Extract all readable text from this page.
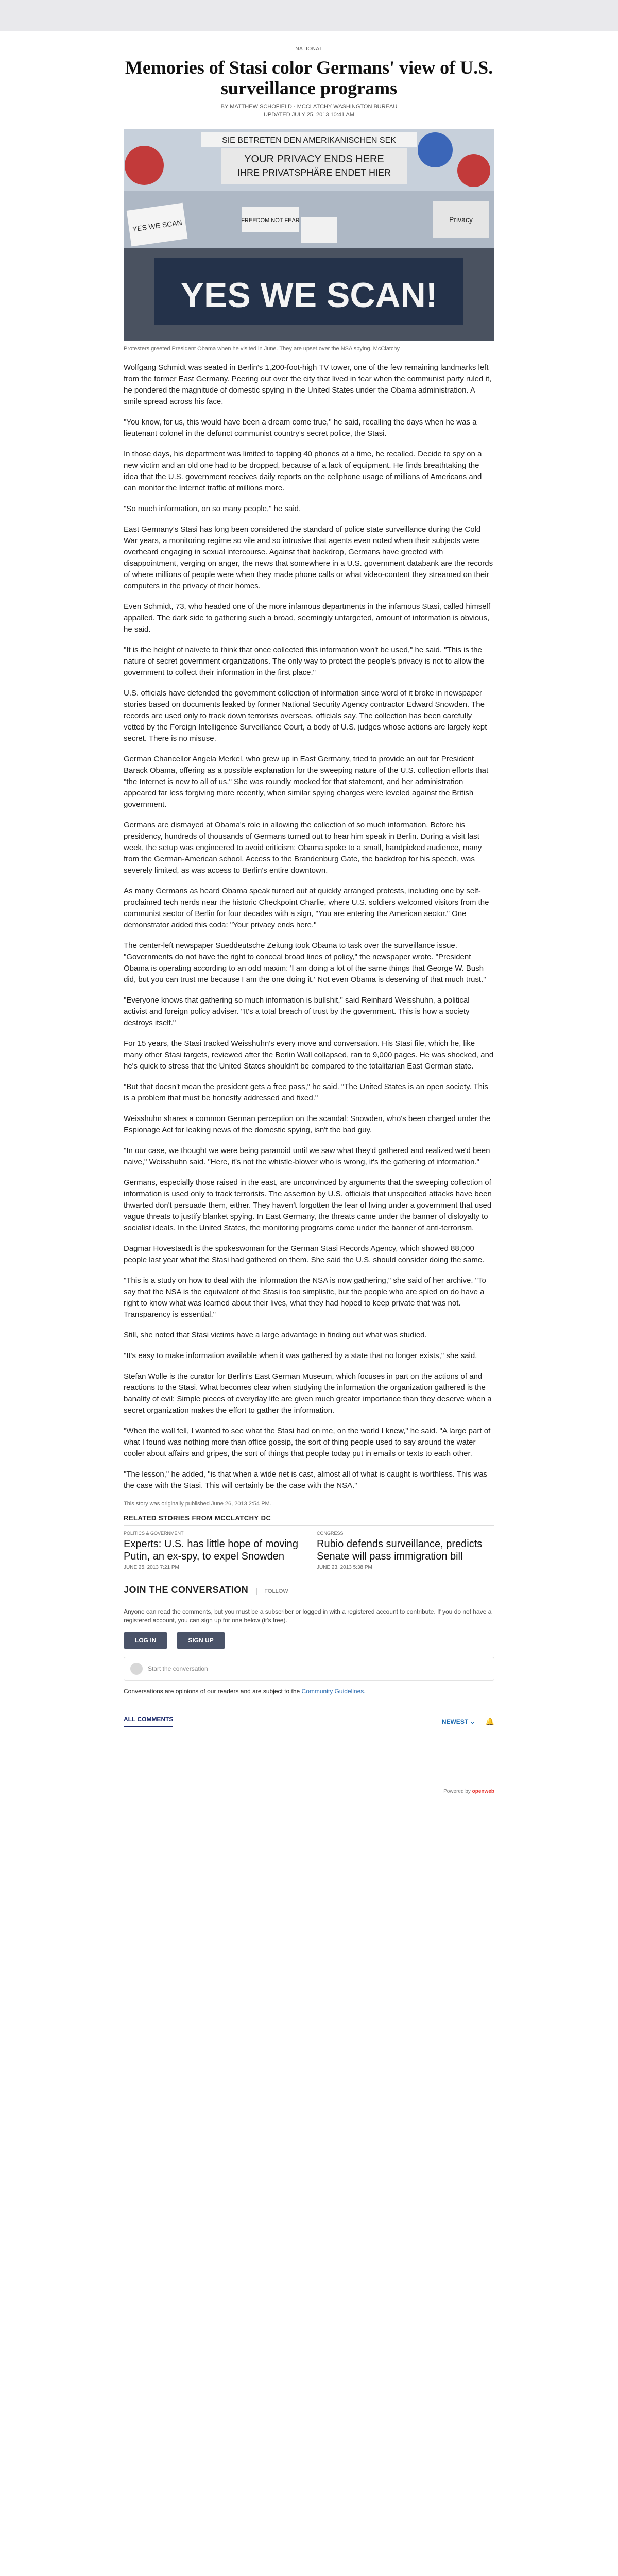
NATIONAL
Memories of Stasi color Germans' view of U.S. surveillance programs
BY MATTHEW SCHOFIELD · MCCLATCHY WASHINGTON BUREAU
UPDATED JULY 25, 2013 10:41 AM
SIE BETRETEN DEN AMERIKANISCHEN SEK
YOUR PRIVACY ENDS HERE
IHRE PRIVATSPHÄRE ENDET HIER
YES WE SCAN	FREEDOM NOT FEAR	Privacy
YES WE SCAN!
Protesters greeted President Obama when he visited in June. They are upset over the NSA spying. McClatchy

Wolfgang Schmidt was seated in Berlin's 1,200-foot-high TV tower, one of the few remaining landmarks left from the former East Germany. Peering out over the city that lived in fear when the communist party ruled it, he pondered the magnitude of domestic spying in the United States under the Obama administration. A smile spread across his face.

"You know, for us, this would have been a dream come true," he said, recalling the days when he was a lieutenant colonel in the defunct communist country's secret police, the Stasi.

In those days, his department was limited to tapping 40 phones at a time, he recalled. Decide to spy on a new victim and an old one had to be dropped, because of a lack of equipment. He finds breathtaking the idea that the U.S. government receives daily reports on the cellphone usage of millions of Americans and can monitor the Internet traffic of millions more.

"So much information, on so many people," he said.

East Germany's Stasi has long been considered the standard of police state surveillance during the Cold War years, a monitoring regime so vile and so intrusive that agents even noted when their subjects were overheard engaging in sexual intercourse. Against that backdrop, Germans have greeted with disappointment, verging on anger, the news that somewhere in a U.S. government databank are the records of where millions of people were when they made phone calls or what video-content they streamed on their computers in the privacy of their homes.

Even Schmidt, 73, who headed one of the more infamous departments in the infamous Stasi, called himself appalled. The dark side to gathering such a broad, seemingly untargeted, amount of information is obvious, he said.

"It is the height of naivete to think that once collected this information won't be used," he said. "This is the nature of secret government organizations. The only way to protect the people's privacy is not to allow the government to collect their information in the first place."

U.S. officials have defended the government collection of information since word of it broke in newspaper stories based on documents leaked by former National Security Agency contractor Edward Snowden. The records are used only to track down terrorists overseas, officials say. The collection has been carefully vetted by the Foreign Intelligence Surveillance Court, a body of U.S. judges whose actions are largely kept secret. There is no misuse.

German Chancellor Angela Merkel, who grew up in East Germany, tried to provide an out for President Barack Obama, offering as a possible explanation for the sweeping nature of the U.S. collection efforts that "the Internet is new to all of us." She was roundly mocked for that statement, and her administration appeared far less forgiving more recently, when similar spying charges were leveled against the British government.

Germans are dismayed at Obama's role in allowing the collection of so much information. Before his presidency, hundreds of thousands of Germans turned out to hear him speak in Berlin. During a visit last week, the setup was engineered to avoid criticism: Obama spoke to a small, handpicked audience, many from the German-American school. Access to the Brandenburg Gate, the backdrop for his speech, was severely limited, as was access to Berlin's entire downtown.

As many Germans as heard Obama speak turned out at quickly arranged protests, including one by self-proclaimed tech nerds near the historic Checkpoint Charlie, where U.S. soldiers welcomed visitors from the communist sector of Berlin for four decades with a sign, "You are entering the American sector." One demonstrator added this coda: "Your privacy ends here."

The center-left newspaper Sueddeutsche Zeitung took Obama to task over the surveillance issue. "Governments do not have the right to conceal broad lines of policy," the newspaper wrote. "President Obama is operating according to an odd maxim: 'I am doing a lot of the same things that George W. Bush did, but you can trust me because I am the one doing it.' Not even Obama is deserving of that much trust."

"Everyone knows that gathering so much information is bullshit," said Reinhard Weisshuhn, a political activist and foreign policy adviser. "It's a total breach of trust by the government. This is how a society destroys itself."

For 15 years, the Stasi tracked Weisshuhn's every move and conversation. His Stasi file, which he, like many other Stasi targets, reviewed after the Berlin Wall collapsed, ran to 9,000 pages. He was shocked, and he's quick to stress that the United States shouldn't be compared to the totalitarian East German state.

"But that doesn't mean the president gets a free pass," he said. "The United States is an open society. This is a problem that must be honestly addressed and fixed."

Weisshuhn shares a common German perception on the scandal: Snowden, who's been charged under the Espionage Act for leaking news of the domestic spying, isn't the bad guy.

"In our case, we thought we were being paranoid until we saw what they'd gathered and realized we'd been naive," Weisshuhn said. "Here, it's not the whistle-blower who is wrong, it's the gathering of information."

Germans, especially those raised in the east, are unconvinced by arguments that the sweeping collection of information is used only to track terrorists. The assertion by U.S. officials that unspecified attacks have been thwarted don't persuade them, either. They haven't forgotten the fear of living under a government that used vague threats to justify blanket spying. In East Germany, the threats came under the banner of disloyalty to socialist ideals. In the United States, the monitoring programs come under the banner of anti-terrorism.

Dagmar Hovestaedt is the spokeswoman for the German Stasi Records Agency, which showed 88,000 people last year what the Stasi had gathered on them. She said the U.S. should consider doing the same.

"This is a study on how to deal with the information the NSA is now gathering," she said of her archive. "To say that the NSA is the equivalent of the Stasi is too simplistic, but the people who are spied on do have a right to know what was learned about their lives, what they had hoped to keep private that was not. Transparency is essential."

Still, she noted that Stasi victims have a large advantage in finding out what was studied.

"It's easy to make information available when it was gathered by a state that no longer exists," she said.

Stefan Wolle is the curator for Berlin's East German Museum, which focuses in part on the actions of and reactions to the Stasi. What becomes clear when studying the information the organization gathered is the banality of evil: Simple pieces of everyday life are given much greater importance than they deserve when a secret organization makes the effort to gather the information.

"When the wall fell, I wanted to see what the Stasi had on me, on the world I knew," he said. "A large part of what I found was nothing more than office gossip, the sort of thing people used to say around the water cooler about affairs and gripes, the sort of things that people today put in emails or texts to each other.

"The lesson," he added, "is that when a wide net is cast, almost all of what is caught is worthless. This was the case with the Stasi. This will certainly be the case with the NSA."

This story was originally published June 26, 2013 2:54 PM.
RELATED STORIES FROM MCCLATCHY DC
POLITICS & GOVERNMENT
Experts: U.S. has little hope of moving Putin, an ex-spy, to expel Snowden
JUNE 25, 2013 7:21 PM
CONGRESS
Rubio defends surveillance, predicts Senate will pass immigration bill
JUNE 23, 2013 5:38 PM
JOIN THE CONVERSATION	FOLLOW
Anyone can read the comments, but you must be a subscriber or logged in with a registered account to contribute. If you do not have a registered account, you can sign up for one below (it's free).
LOG IN	SIGN UP
Start the conversation
Conversations are opinions of our readers and are subject to the Community Guidelines.
ALL COMMENTS	NEWEST ⌄ 🔔
Powered by openweb
